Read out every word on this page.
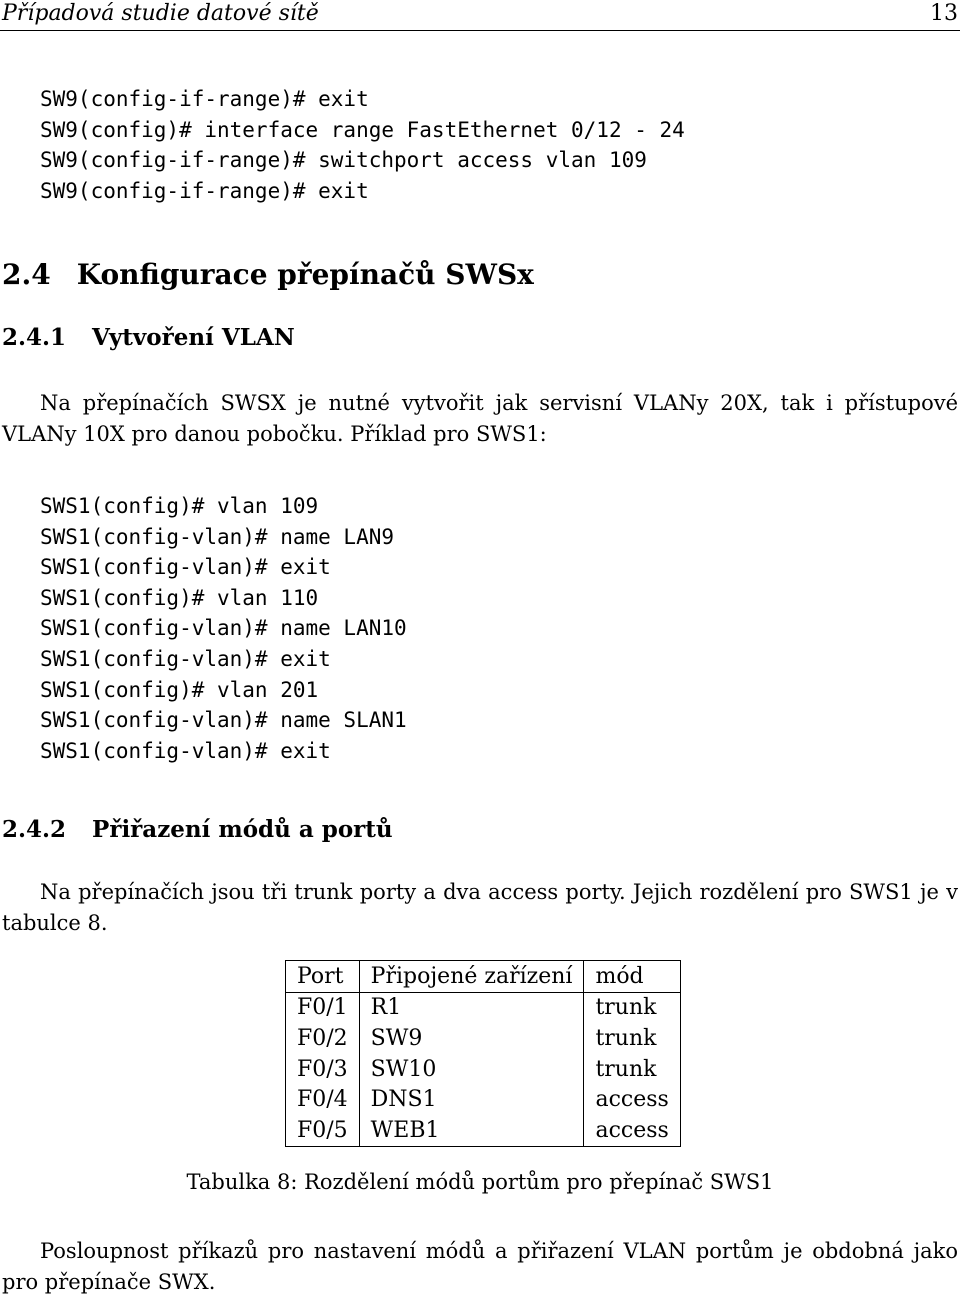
Případová studie datové sítě	13
SW9(config-if-range)# exit
SW9(config)# interface range FastEthernet 0/12 - 24
SW9(config-if-range)# switchport access vlan 109
SW9(config-if-range)# exit
2.4 Konfigurace přepínačů SWSx
2.4.1 Vytvoření VLAN

Na přepínačích SWSX je nutné vytvořit jak servisní VLANy 20X, tak i přístupové VLANy 10X pro danou pobočku. Příklad pro SWS1:

SWS1(config)# vlan 109
SWS1(config-vlan)# name LAN9
SWS1(config-vlan)# exit
SWS1(config)# vlan 110
SWS1(config-vlan)# name LAN10
SWS1(config-vlan)# exit
SWS1(config)# vlan 201
SWS1(config-vlan)# name SLAN1
SWS1(config-vlan)# exit
2.4.2 Přiřazení módů a portů

Na přepínačích jsou tři trunk porty a dva access porty. Jejich rozdělení pro SWS1 je v tabulce 8.

Port	Připojené zařízení	mód
F0/1	R1	trunk
F0/2	SW9	trunk
F0/3	SW10	trunk
F0/4	DNS1	access
F0/5	WEB1	access
Tabulka 8: Rozdělení módů portům pro přepínač SWS1

Posloupnost příkazů pro nastavení módů a přiřazení VLAN portům je obdobná jako pro přepínače SWX.
